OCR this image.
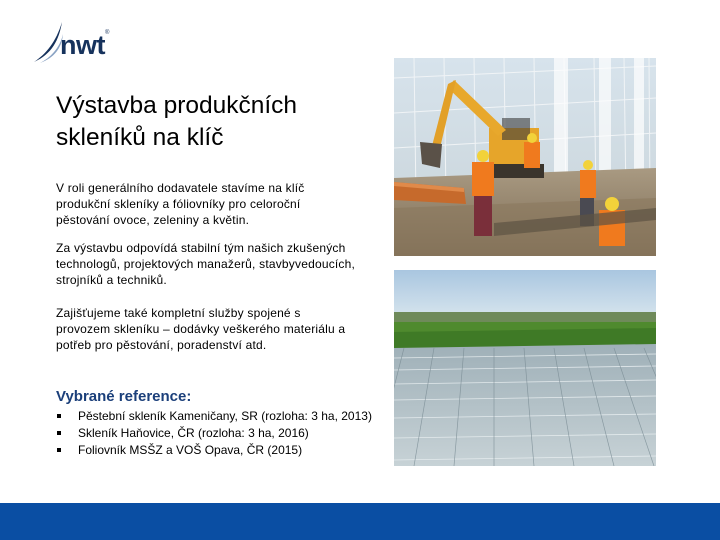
nwt®
Výstavba produkčních
skleníků na klíč

V roli generálního dodavatele stavíme na klíč produkční skleníky a fóliovníky pro celoroční pěstování ovoce, zeleniny a květin.

Za výstavbu odpovídá stabilní tým našich zkušených technologů, projektových manažerů, stavbyvedoucích, strojníků a techniků.

Zajišťujeme také kompletní služby spojené s provozem skleníku – dodávky veškerého materiálu a potřeb pro pěstování, poradenství atd.

Vybrané reference:
Pěstební skleník Kameničany, SR (rozloha: 3 ha, 2013)
Skleník Haňovice, ČR (rozloha: 3 ha, 2016)
Foliovník MSŠZ a VOŠ Opava, ČR (2015)
